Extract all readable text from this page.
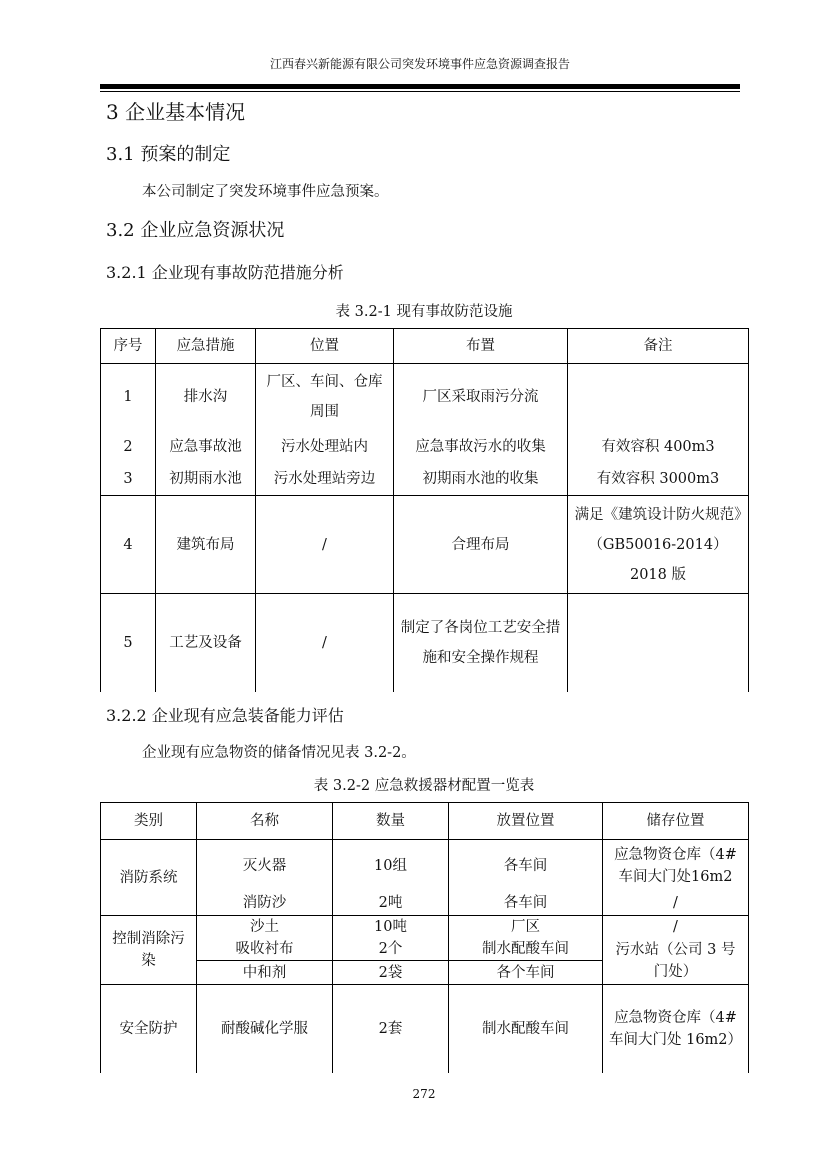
江西春兴新能源有限公司突发环境事件应急资源调查报告
3 企业基本情况
3.1 预案的制定
本公司制定了突发环境事件应急预案。
3.2 企业应急资源状况
3.2.1 企业现有事故防范措施分析
表 3.2-1 现有事故防范设施
序号	应急措施	位置	布置	备注
1	排水沟	厂区、车间、仓库周围	厂区采取雨污分流	
2	应急事故池	污水处理站内	应急事故污水的收集	有效容积 400m3
3	初期雨水池	污水处理站旁边	初期雨水池的收集	有效容积 3000m3
4	建筑布局	/	合理布局	满足《建筑设计防火规范》（GB50016-2014）2018 版
5	工艺及设备	/	制定了各岗位工艺安全措施和安全操作规程	
3.2.2 企业现有应急装备能力评估
企业现有应急物资的储备情况见表 3.2-2。
表 3.2-2 应急救援器材配置一览表
类别	名称	数量	放置位置	储存位置
消防系统	灭火器	10组	各车间	应急物资仓库（4#车间大门处16m2
	消防沙	2吨	各车间	/
控制消除污染	沙土	10吨	厂区	/
	吸收衬布	2个	制水配酸车间	污水站（公司 3 号门处）
	中和剂	2袋	各个车间	
安全防护	耐酸碱化学服	2套	制水配酸车间	应急物资仓库（4#车间大门处 16m2）
272
